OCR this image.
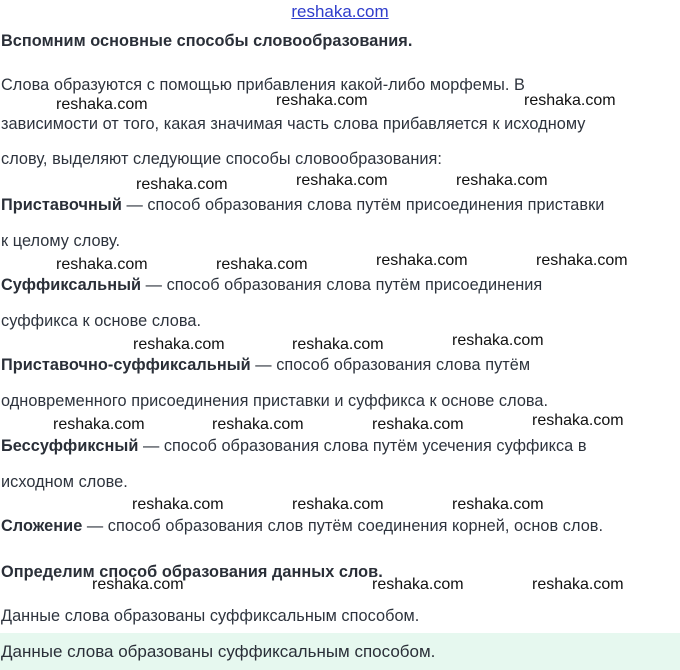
reshaka.com
Вспомним основные способы словообразования.
Слова образуются с помощью прибавления какой-либо морфемы. В
зависимости от того, какая значимая часть слова прибавляется к исходному
слову, выделяют следующие способы словообразования:
Приставочный — способ образования слова путём присоединения приставки
к целому слову.
Суффиксальный — способ образования слова путём присоединения
суффикса к основе слова.
Приставочно-суффиксальный — способ образования слова путём
одновременного присоединения приставки и суффикса к основе слова.
Бессуффиксный — способ образования слова путём усечения суффикса в
исходном слове.
Сложение — способ образования слов путём соединения корней, основ слов.
Определим способ образования данных слов.
Данные слова образованы суффиксальным способом.
Данные слова образованы суффиксальным способом.
reshaka.com	reshaka.com	reshaka.com
reshaka.com	reshaka.com	reshaka.com
reshaka.com	reshaka.com	reshaka.com	reshaka.com
reshaka.com	reshaka.com	reshaka.com
reshaka.com	reshaka.com	reshaka.com	reshaka.com
reshaka.com	reshaka.com	reshaka.com
reshaka.com	reshaka.com	reshaka.com
